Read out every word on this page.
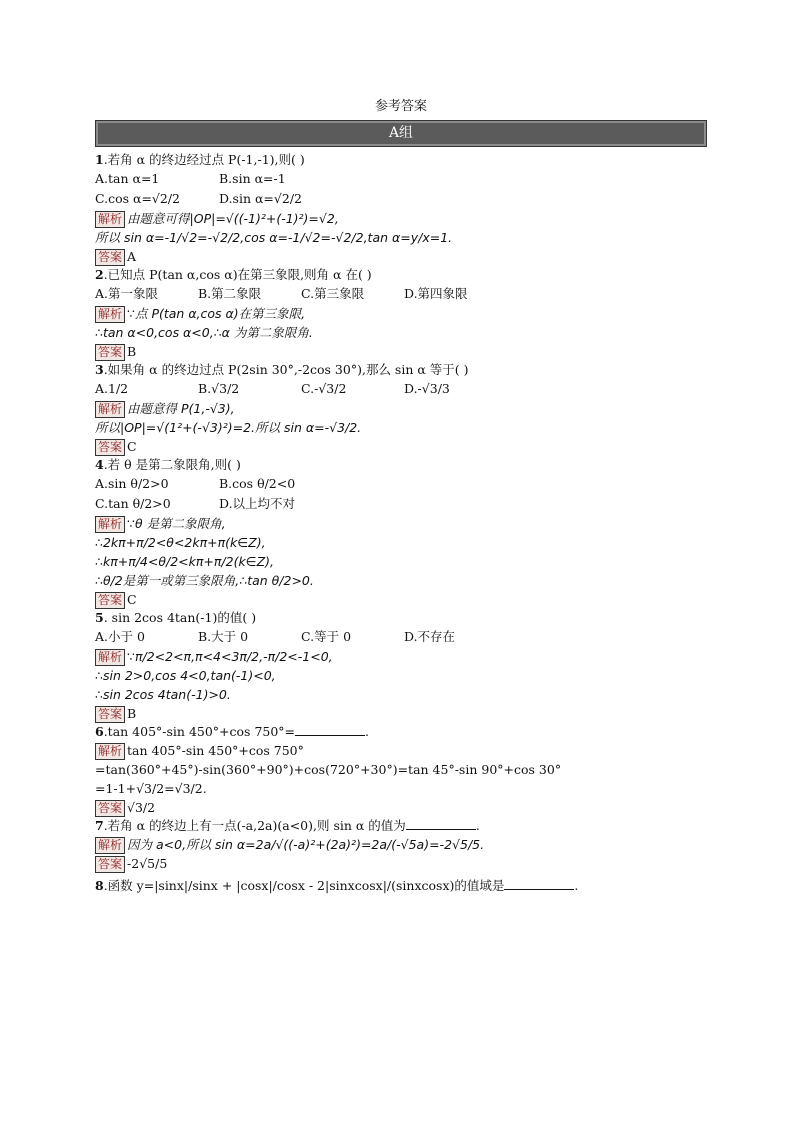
参考答案
A组

1.若角 α 的终边经过点 P(-1,-1),则( )

A.tan α=1	B.sin α=-1
C.cos α=√2/2	D.sin α=√2/2
解析 由题意可得|OP|=√((-1)²+(-1)²)=√2,
所以 sin α=-1/√2=-√2/2,cos α=-1/√2=-√2/2,tan α=y/x=1.
答案 A

2.已知点 P(tan α,cos α)在第三象限,则角 α 在( )

A.第一象限	B.第二象限	C.第三象限	D.第四象限
解析 ∵点 P(tan α,cos α)在第三象限,
∴tan α<0,cos α<0,∴α 为第二象限角.
答案 B

3.如果角 α 的终边过点 P(2sin 30°,-2cos 30°),那么 sin α 等于( )

A.1/2	B.√3/2	C.-√3/2	D.-√3/3
解析 由题意得 P(1,-√3),
所以|OP|=√(1²+(-√3)²)=2.所以 sin α=-√3/2.
答案 C

4.若 θ 是第二象限角,则( )

A.sin θ/2>0	B.cos θ/2<0
C.tan θ/2>0	D.以上均不对
解析 ∵θ 是第二象限角,
∴2kπ+π/2<θ<2kπ+π(k∈Z),
∴kπ+π/4<θ/2<kπ+π/2(k∈Z),
∴θ/2是第一或第三象限角,∴tan θ/2>0.
答案 C

5. sin 2cos 4tan(-1)的值( )

A.小于 0	B.大于 0	C.等于 0	D.不存在
解析 ∵π/2<2<π,π<4<3π/2,-π/2<-1<0,
∴sin 2>0,cos 4<0,tan(-1)<0,
∴sin 2cos 4tan(-1)>0.
答案 B

6.tan 405°-sin 450°+cos 750°=	.

解析 tan 405°-sin 450°+cos 750°
=tan(360°+45°)-sin(360°+90°)+cos(720°+30°)=tan 45°-sin 90°+cos 30°
=1-1+√3/2=√3/2.
答案 √3/2

7.若角 α 的终边上有一点(-a,2a)(a<0),则 sin α 的值为	.

解析 因为 a<0,所以 sin α=2a/√((-a)²+(2a)²)=2a/(-√5a)=-2√5/5.
答案 -2√5/5

8.函数 y=|sinx|/sinx + |cosx|/cosx - 2|sinxcosx|/(sinxcosx)的值域是	.
